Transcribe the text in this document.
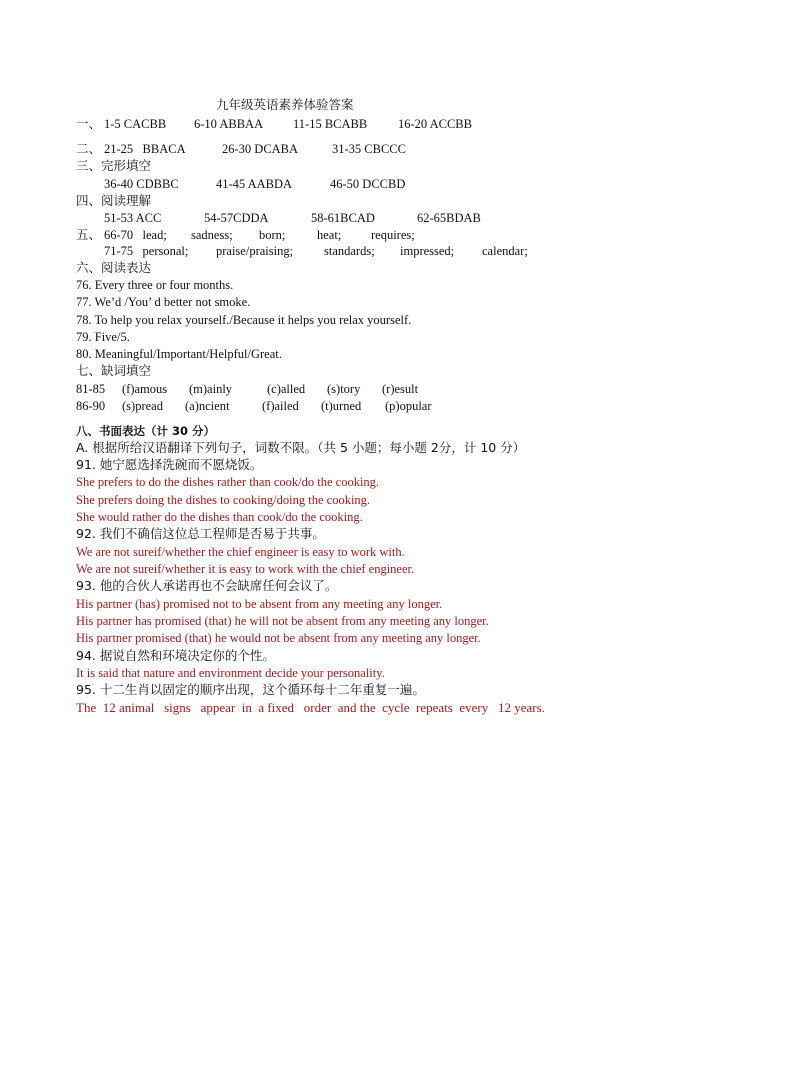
九年级英语素养体验答案
一、 1-5 CACBB 6-10 ABBAA 11-15 BCABB 16-20 ACCBB
二、 21-25   BBACA	26-30 DCABA	31-35 CBCCC
三、完形填空
36-40 CDBBC	41-45 AABDA	46-50 DCCBD
四、阅读理解
51-53 ACC	54-57CDDA	58-61BCAD	62-65BDAB
五、 66-70   lead; sadness; born;	heat; requires;
71-75   personal; praise/praising; standards; impressed; calendar;
六、阅读表达
76. Every three or four months.
77. We’d /You’ d better not smoke.
78. To help you relax yourself./Because it helps you relax yourself.
79. Five/5.
80. Meaningful/Important/Helpful/Great.
七、缺词填空
81-85 (f)amous (m)ainly	(c)alled (s)tory (r)esult
86-90 (s)pread (a)ncient	(f)ailed (t)urned (p)opular
八、书面表达（计 30 分）
A. 根据所给汉语翻译下列句子，词数不限。（共 5 小题；每小题 2分，计 10 分）
91. 她宁愿选择洗碗而不愿烧饭。
She prefers to do the dishes rather than cook/do the cooking.
She prefers doing the dishes to cooking/doing the cooking.
She would rather do the dishes than cook/do the cooking.
92. 我们不确信这位总工程师是否易于共事。
We are not sureif/whether the chief engineer is easy to work with.
We are not sureif/whether it is easy to work with the chief engineer.
93. 他的合伙人承诺再也不会缺席任何会议了。
His partner (has) promised not to be absent from any meeting any longer.
His partner has promised (that) he will not be absent from any meeting any longer.
His partner promised (that) he would not be absent from any meeting any longer.
94. 据说自然和环境决定你的个性。
It is said that nature and environment decide your personality.
95. 十二生肖以固定的顺序出现，这个循环每十二年重复一遍。
The  12 animal   signs   appear  in  a fixed   order  and the  cycle  repeats  every   12 years.
